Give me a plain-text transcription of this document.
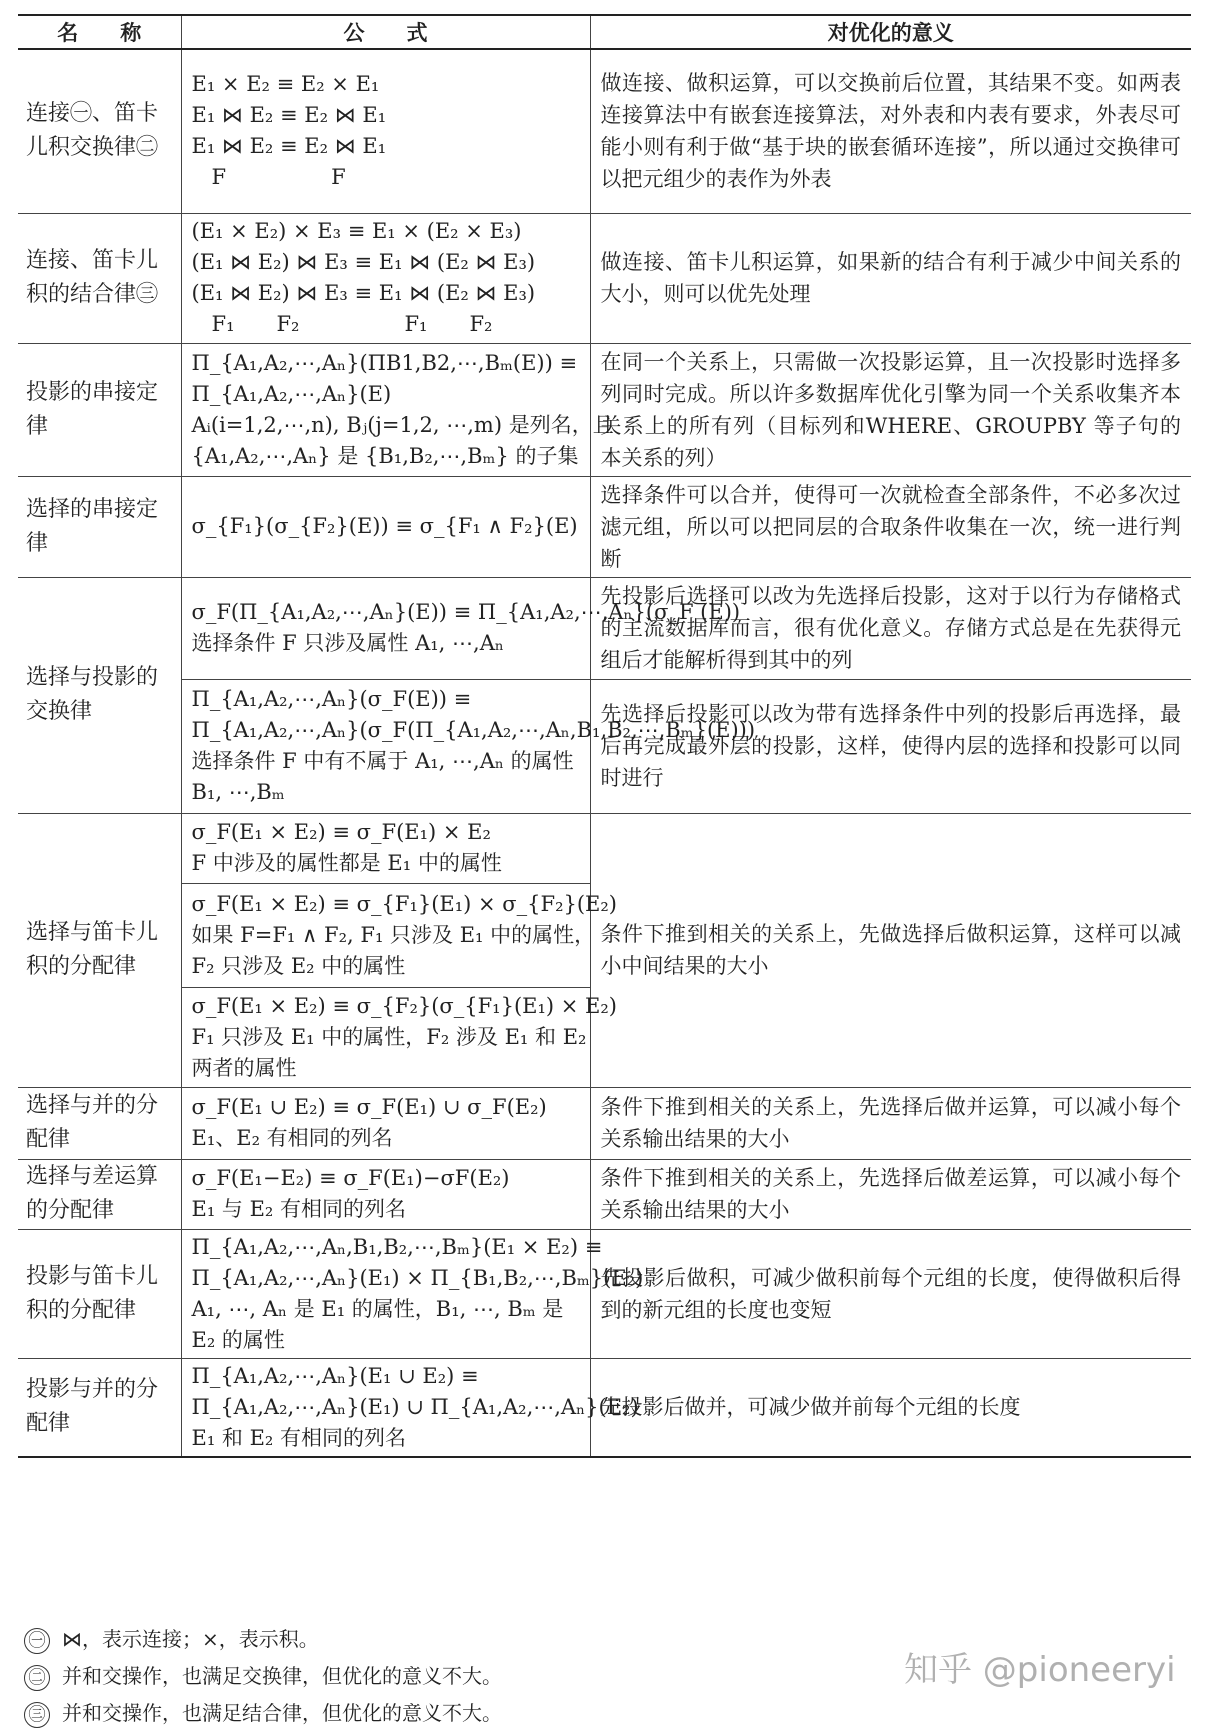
名　　称	公　　式	对优化的意义
连接㊀、笛卡儿积交换律㊁	E₁ × E₂ ≡ E₂ × E₁
E₁ ⋈ E₂ ≡ E₂ ⋈ E₁
E₁ ⋈ E₂ ≡ E₂ ⋈ E₁
F　　　　　F	做连接、做积运算，可以交换前后位置，其结果不变。如两表连接算法中有嵌套连接算法，对外表和内表有要求，外表尽可能小则有利于做“基于块的嵌套循环连接”，所以通过交换律可以把元组少的表作为外表
连接、笛卡儿积的结合律㊂	(E₁ × E₂) × E₃ ≡ E₁ × (E₂ × E₃)
(E₁ ⋈ E₂) ⋈ E₃ ≡ E₁ ⋈ (E₂ ⋈ E₃)
(E₁ ⋈ E₂) ⋈ E₃ ≡ E₁ ⋈ (E₂ ⋈ E₃)
F₁　　F₂　　　　　F₁　　F₂	做连接、笛卡儿积运算，如果新的结合有利于减少中间关系的大小，则可以优先处理
投影的串接定律	Π_{A₁,A₂,⋯,Aₙ}(ΠB1,B2,⋯,Bₘ(E)) ≡
Π_{A₁,A₂,⋯,Aₙ}(E)
Aᵢ(i=1,2,⋯,n), Bⱼ(j=1,2, ⋯,m) 是列名，且
{A₁,A₂,⋯,Aₙ} 是 {B₁,B₂,⋯,Bₘ} 的子集	在同一个关系上，只需做一次投影运算，且一次投影时选择多列同时完成。所以许多数据库优化引擎为同一个关系收集齐本关系上的所有列（目标列和WHERE、GROUPBY 等子句的本关系的列）
选择的串接定律	σ_{F₁}(σ_{F₂}(E)) ≡ σ_{F₁ ∧ F₂}(E)	选择条件可以合并，使得可一次就检查全部条件，不必多次过滤元组，所以可以把同层的合取条件收集在一次，统一进行判断
选择与投影的交换律	σ_F(Π_{A₁,A₂,⋯,Aₙ}(E)) ≡ Π_{A₁,A₂,⋯,Aₙ}(σ_F (E))
选择条件 F 只涉及属性 A₁, ⋯,Aₙ	先投影后选择可以改为先选择后投影，这对于以行为存储格式的主流数据库而言，很有优化意义。存储方式总是在先获得元组后才能解析得到其中的列

	Π_{A₁,A₂,⋯,Aₙ}(σ_F(E)) ≡
Π_{A₁,A₂,⋯,Aₙ}(σ_F(Π_{A₁,A₂,⋯,Aₙ,B₁,B₂,⋯,Bₘ}(E)))
选择条件 F 中有不属于 A₁, ⋯,Aₙ 的属性
B₁, ⋯,Bₘ	先选择后投影可以改为带有选择条件中列的投影后再选择，最后再完成最外层的投影，这样，使得内层的选择和投影可以同时进行
选择与笛卡儿积的分配律	σ_F(E₁ × E₂) ≡ σ_F(E₁) × E₂
F 中涉及的属性都是 E₁ 中的属性	条件下推到相关的关系上，先做选择后做积运算，这样可以减小中间结果的大小

	σ_F(E₁ × E₂) ≡ σ_{F₁}(E₁) × σ_{F₂}(E₂)
如果 F=F₁ ∧ F₂, F₁ 只涉及 E₁ 中的属性，
F₂ 只涉及 E₂ 中的属性	

	σ_F(E₁ × E₂) ≡ σ_{F₂}(σ_{F₁}(E₁) × E₂)
F₁ 只涉及 E₁ 中的属性，F₂ 涉及 E₁ 和 E₂
两者的属性	

选择与并的分配律	σ_F(E₁ ∪ E₂) ≡ σ_F(E₁) ∪ σ_F(E₂)
E₁、E₂ 有相同的列名	条件下推到相关的关系上，先选择后做并运算，可以减小每个关系输出结果的大小
选择与差运算的分配律	σ_F(E₁−E₂) ≡ σ_F(E₁)−σF(E₂)
E₁ 与 E₂ 有相同的列名	条件下推到相关的关系上，先选择后做差运算，可以减小每个关系输出结果的大小
投影与笛卡儿积的分配律	Π_{A₁,A₂,⋯,Aₙ,B₁,B₂,⋯,Bₘ}(E₁ × E₂) ≡
Π_{A₁,A₂,⋯,Aₙ}(E₁) × Π_{B₁,B₂,⋯,Bₘ}(E₂)
A₁, ⋯, Aₙ 是 E₁ 的属性，B₁, ⋯, Bₘ 是
E₂ 的属性	先投影后做积，可减少做积前每个元组的长度，使得做积后得到的新元组的长度也变短
投影与并的分配律	Π_{A₁,A₂,⋯,Aₙ}(E₁ ∪ E₂) ≡
Π_{A₁,A₂,⋯,Aₙ}(E₁) ∪ Π_{A₁,A₂,⋯,Aₙ}(E₂)
E₁ 和 E₂ 有相同的列名	先投影后做并，可减少做并前每个元组的长度
㊀ ⋈，表示连接；×，表示积。
㊁ 并和交操作，也满足交换律，但优化的意义不大。
㊂ 并和交操作，也满足结合律，但优化的意义不大。
知乎 @pioneeryi
